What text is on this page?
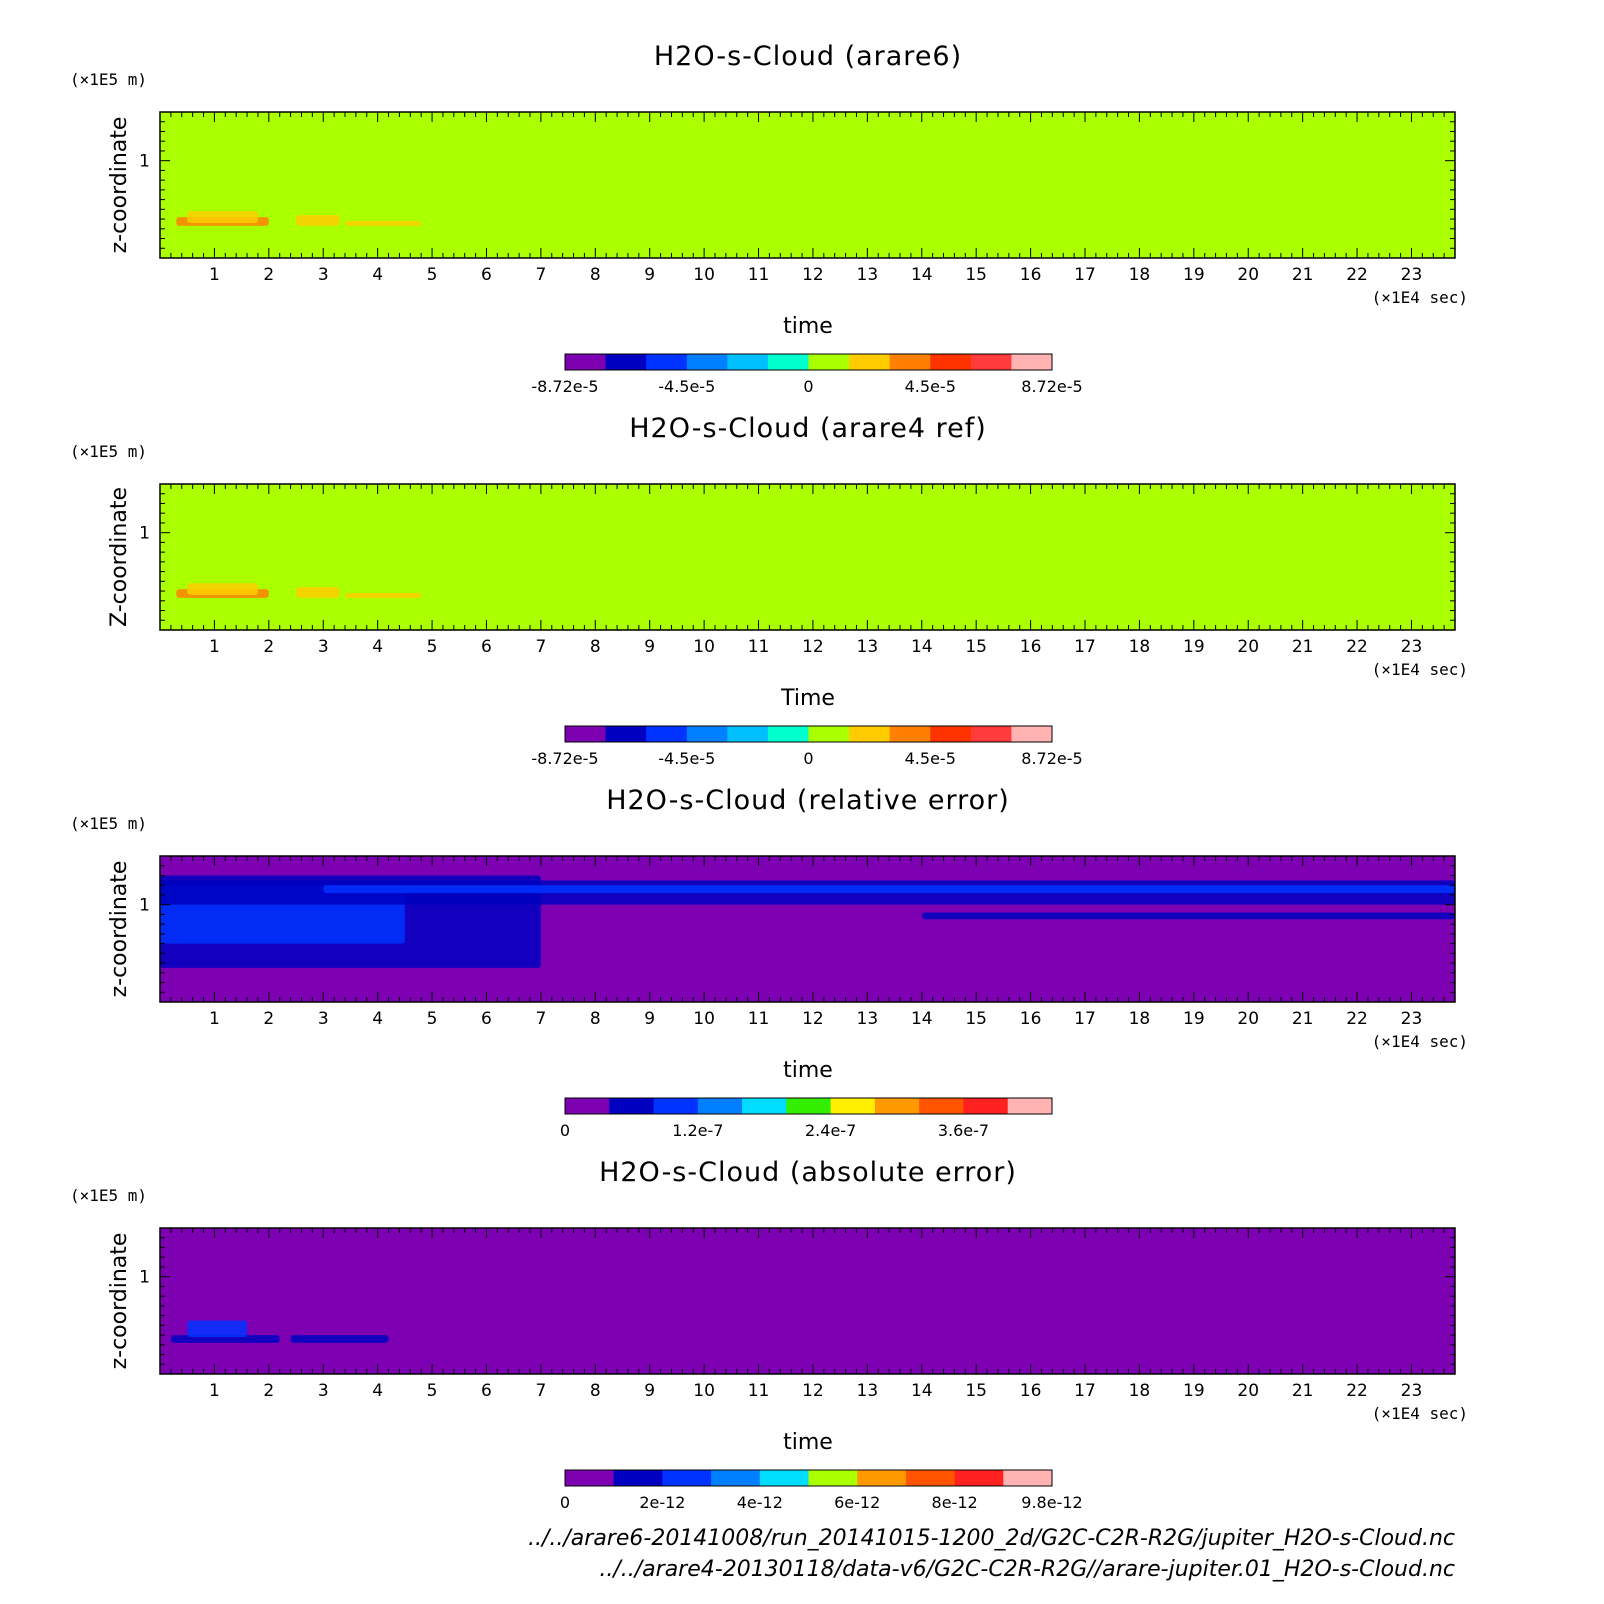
H2O-s-Cloud (arare6)
(×1E5 m)
1	2	3	4	5	6	7	8	9 10 11 12 13 14 15 16 17 18 19 20 21 22 23
1
(×1E4 sec)
time
z-coordinate
-8.72e-5	-4.5e-5	0	4.5e-5	8.72e-5
H2O-s-Cloud (arare4 ref)
(×1E5 m)
1	2	3	4	5	6	7	8	9 10 11 12 13 14 15 16 17 18 19 20 21 22 23
1
(×1E4 sec)
Time
Z-coordinate
-8.72e-5	-4.5e-5	0	4.5e-5	8.72e-5
H2O-s-Cloud (relative error)
(×1E5 m)
1	2	3	4	5	6	7	8	9 10 11 12 13 14 15 16 17 18 19 20 21 22 23
1
(×1E4 sec)
time
z-coordinate
0	1.2e-7	2.4e-7	3.6e-7
H2O-s-Cloud (absolute error)
(×1E5 m)
1	2	3	4	5	6	7	8	9 10 11 12 13 14 15 16 17 18 19 20 21 22 23
1
(×1E4 sec)
time
z-coordinate
0	2e-12	4e-12	6e-12	8e-12	9.8e-12
../../arare6-20141008/run_20141015-1200_2d/G2C-C2R-R2G/jupiter_H2O-s-Cloud.nc
../../arare4-20130118/data-v6/G2C-C2R-R2G//arare-jupiter.01_H2O-s-Cloud.nc
